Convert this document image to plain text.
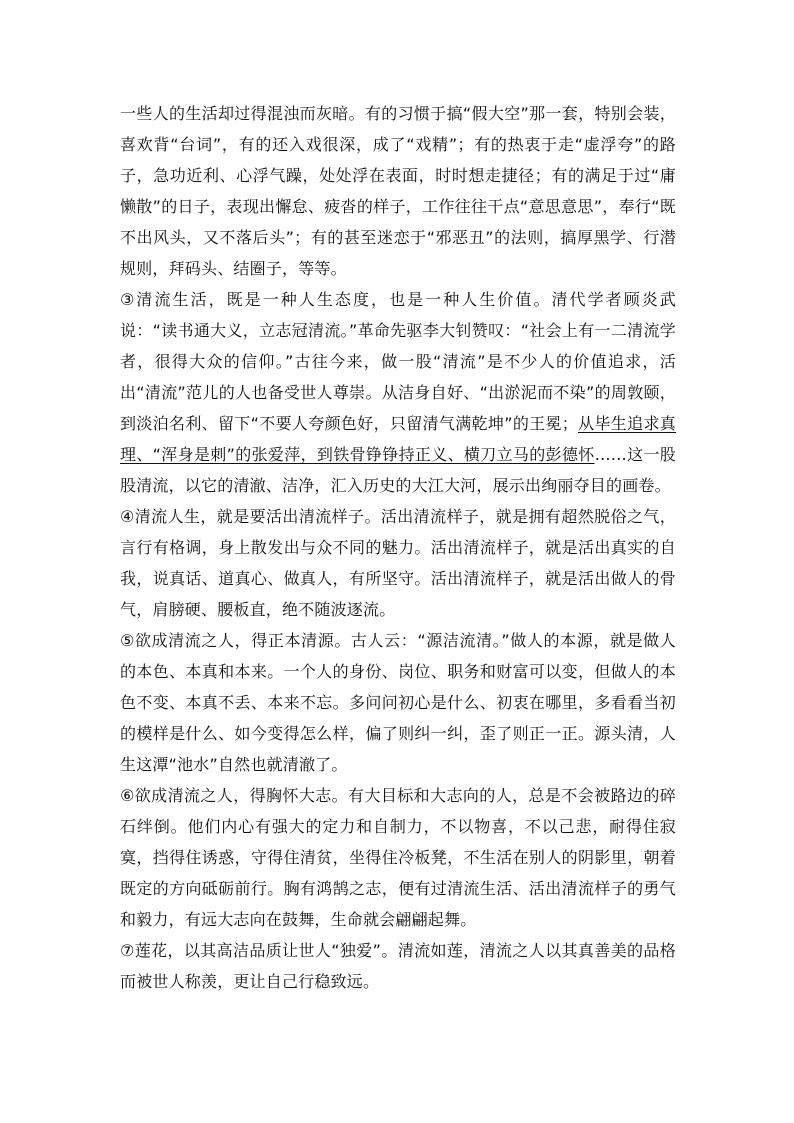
一些人的生活却过得混浊而灰暗。有的习惯于搞“假大空”那一套，特别会装，喜欢背“台词”，有的还入戏很深，成了“戏精”；有的热衷于走“虚浮夸”的路子，急功近利、心浮气躁，处处浮在表面，时时想走捷径；有的满足于过“庸懒散”的日子，表现出懈怠、疲沓的样子，工作往往干点“意思意思”，奉行“既不出风头，又不落后头”；有的甚至迷恋于“邪恶丑”的法则，搞厚黑学、行潜规则，拜码头、结圈子，等等。

③清流生活，既是一种人生态度，也是一种人生价值。清代学者顾炎武说：“读书通大义，立志冠清流。”革命先驱李大钊赞叹：“社会上有一二清流学者，很得大众的信仰。”古往今来，做一股“清流”是不少人的价值追求，活出“清流”范儿的人也备受世人尊崇。从洁身自好、“出淤泥而不染”的周敦颐，到淡泊名利、留下“不要人夸颜色好，只留清气满乾坤”的王冕；从毕生追求真理、“浑身是刺”的张爱萍，到铁骨铮铮持正义、横刀立马的彭德怀……这一股股清流，以它的清澈、洁净，汇入历史的大江大河，展示出绚丽夺目的画卷。

④清流人生，就是要活出清流样子。活出清流样子，就是拥有超然脱俗之气，言行有格调，身上散发出与众不同的魅力。活出清流样子，就是活出真实的自我，说真话、道真心、做真人，有所坚守。活出清流样子，就是活出做人的骨气，肩膀硬、腰板直，绝不随波逐流。

⑤欲成清流之人，得正本清源。古人云：“源洁流清。”做人的本源，就是做人的本色、本真和本来。一个人的身份、岗位、职务和财富可以变，但做人的本色不变、本真不丢、本来不忘。多问问初心是什么、初衷在哪里，多看看当初的模样是什么、如今变得怎么样，偏了则纠一纠，歪了则正一正。源头清，人生这潭“池水”自然也就清澈了。

⑥欲成清流之人，得胸怀大志。有大目标和大志向的人，总是不会被路边的碎石绊倒。他们内心有强大的定力和自制力，不以物喜，不以己悲，耐得住寂寞，挡得住诱惑，守得住清贫，坐得住冷板凳，不生活在别人的阴影里，朝着既定的方向砥砺前行。胸有鸿鹄之志，便有过清流生活、活出清流样子的勇气和毅力，有远大志向在鼓舞，生命就会翩翩起舞。

⑦莲花，以其高洁品质让世人“独爱”。清流如莲，清流之人以其真善美的品格而被世人称羡，更让自己行稳致远。
